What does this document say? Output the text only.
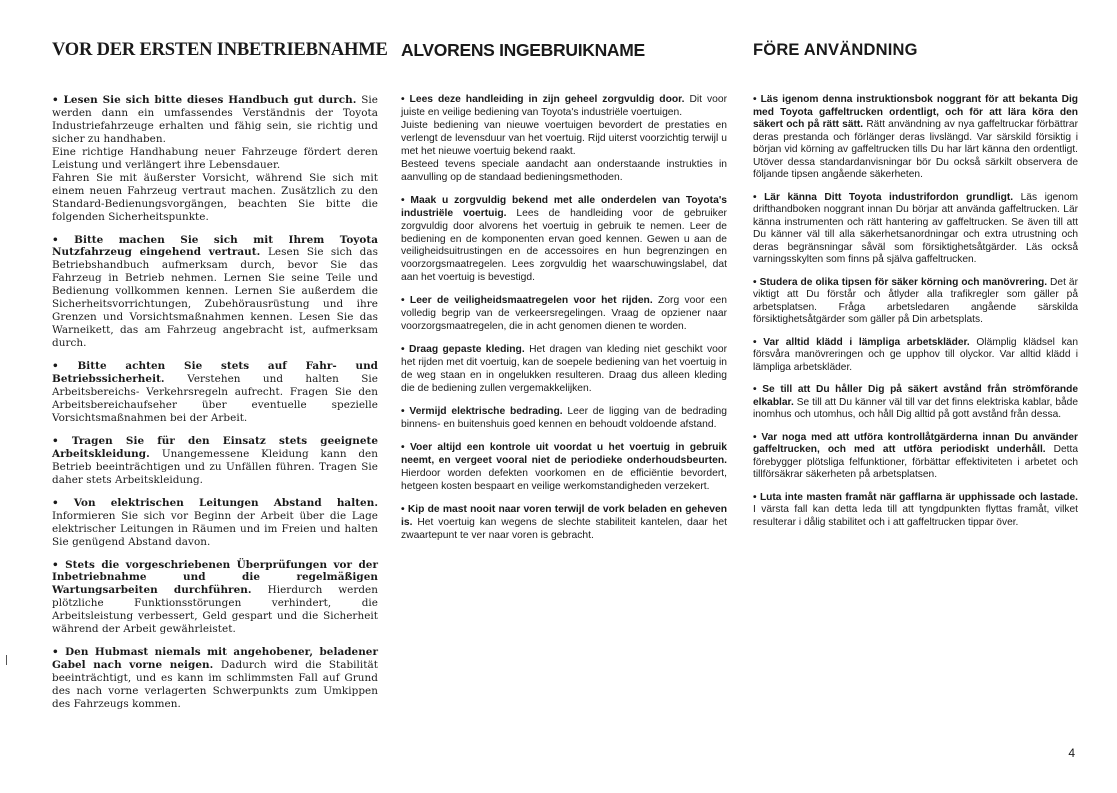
VOR DER ERSTEN INBETRIEBNAHME
• Lesen Sie sich bitte dieses Handbuch gut durch. Sie werden dann ein umfassendes Verständnis der Toyota Industriefahrzeuge erhalten und fähig sein, sie richtig und sicher zu handhaben.
Eine richtige Handhabung neuer Fahrzeuge fördert deren Leistung und verlängert ihre Lebensdauer.
Fahren Sie mit äußerster Vorsicht, während Sie sich mit einem neuen Fahrzeug vertraut machen. Zusätzlich zu den Standard-Bedienungsvorgängen, beachten Sie bitte die folgenden Sicherheitspunkte.
• Bitte machen Sie sich mit Ihrem Toyota Nutzfahrzeug eingehend vertraut. Lesen Sie sich das Betriebshandbuch aufmerksam durch, bevor Sie das Fahrzeug in Betrieb nehmen. Lernen Sie seine Teile und Bedienung vollkommen kennen. Lernen Sie außerdem die Sicherheitsvorrichtungen, Zubehörausrüstung und ihre Grenzen und Vorsichtsmaßnahmen kennen. Lesen Sie das Warneikett, das am Fahrzeug angebracht ist, aufmerksam durch.
• Bitte achten Sie stets auf Fahr- und Betriebssicherheit. Verstehen und halten Sie Arbeitsbereichs- Verkehrsregeln aufrecht. Fragen Sie den Arbeitsbereichaufseher über eventuelle spezielle Vorsichtsmaßnahmen bei der Arbeit.
• Tragen Sie für den Einsatz stets geeignete Arbeitskleidung. Unangemessene Kleidung kann den Betrieb beeinträchtigen und zu Unfällen führen. Tragen Sie daher stets Arbeitskleidung.
• Von elektrischen Leitungen Abstand halten. Informieren Sie sich vor Beginn der Arbeit über die Lage elektrischer Leitungen in Räumen und im Freien und halten Sie genügend Abstand davon.
• Stets die vorgeschriebenen Überprüfungen vor der Inbetriebnahme und die regelmäßigen Wartungsarbeiten durchführen. Hierdurch werden plötzliche Funktionsstörungen verhindert, die Arbeitsleistung verbessert, Geld gespart und die Sicherheit während der Arbeit gewährleistet.
• Den Hubmast niemals mit angehobener, beladener Gabel nach vorne neigen. Dadurch wird die Stabilität beeinträchtigt, und es kann im schlimmsten Fall auf Grund des nach vorne verlagerten Schwerpunkts zum Umkippen des Fahrzeugs kommen.
ALVORENS INGEBRUIKNAME
• Lees deze handleiding in zijn geheel zorgvuldig door. Dit voor juiste en veilige bediening van Toyota's industriële voertuigen.
Juiste bediening van nieuwe voertuigen bevordert de prestaties en verlengt de levensduur van het voertuig. Rijd uiterst voorzichtig terwijl u met het nieuwe voertuig bekend raakt.
Besteed tevens speciale aandacht aan onderstaande instrukties in aanvulling op de standaad bedieningsmethoden.
• Maak u zorgvuldig bekend met alle onderdelen van Toyota's industriële voertuig. Lees de handleiding voor de gebruiker zorgvuldig door alvorens het voertuig in gebruik te nemen. Leer de bediening en de komponenten ervan goed kennen. Gewen u aan de veiligheidsuitrustingen en de accessoires en hun begrenzingen en voorzorgsmaatregelen. Lees zorgvuldig het waarschuwingslabel, dat aan het voertuig is bevestigd.
• Leer de veiligheidsmaatregelen voor het rijden. Zorg voor een volledig begrip van de verkeersregelingen. Vraag de opziener naar voorzorgsmaatregelen, die in acht genomen dienen te worden.
• Draag gepaste kleding. Het dragen van kleding niet geschikt voor het rijden met dit voertuig, kan de soepele bediening van het voertuig in de weg staan en in ongelukken resulteren. Draag dus alleen kleding die de bediening zullen vergemakkelijken.
• Vermijd elektrische bedrading. Leer de ligging van de bedrading binnens- en buitenshuis goed kennen en behoudt voldoende afstand.
• Voer altijd een kontrole uit voordat u het voertuig in gebruik neemt, en vergeet vooral niet de periodieke onderhoudsbeurten. Hierdoor worden defekten voorkomen en de efficiëntie bevordert, hetgeen kosten bespaart en veilige werkomstandigheden verzekert.
• Kip de mast nooit naar voren terwijl de vork beladen en geheven is. Het voertuig kan wegens de slechte stabiliteit kantelen, daar het zwaartepunt te ver naar voren is gebracht.
FÖRE ANVÄNDNING
• Läs igenom denna instruktionsbok noggrant för att bekanta Dig med Toyota gaffeltrucken ordentligt, och för att lära köra den säkert och på rätt sätt. Rätt användning av nya gaffeltruckar förbättrar deras prestanda och förlänger deras livslängd. Var särskild försiktig i början vid körning av gaffeltrucken tills Du har lärt känna den ordentligt. Utöver dessa standardanvisningar bör Du också särkilt observera de följande tipsen angående säkerheten.
• Lär känna Ditt Toyota industrifordon grundligt. Läs igenom drifthandboken noggrant innan Du börjar att använda gaffeltrucken. Lär känna instrumenten och rätt hantering av gaffeltrucken. Se även till att Du känner väl till alla säkerhetsanordningar och extra utrustning och deras begränsningar såväl som försiktighetsåtgärder. Läs också varningsskylten som finns på själva gaffeltrucken.
• Studera de olika tipsen för säker körning och manövrering. Det är viktigt att Du förstår och åtlyder alla trafikregler som gäller på arbetsplatsen. Fråga arbetsledaren angående särskilda försiktighetsåtgärder som gäller på Din arbetsplats.
• Var alltid klädd i lämpliga arbetskläder. Olämplig klädsel kan försvåra manövreringen och ge upphov till olyckor. Var alltid klädd i lämpliga arbetskläder.
• Se till att Du håller Dig på säkert avstånd från strömförande elkablar. Se till att Du känner väl till var det finns elektriska kablar, både inomhus och utomhus, och håll Dig alltid på gott avstånd från dessa.
• Var noga med att utföra kontrollåtgärderna innan Du använder gaffeltrucken, och med att utföra periodiskt underhåll. Detta förebygger plötsliga felfunktioner, förbättar effektiviteten i arbetet och tillförsäkrar säkerheten på arbetsplatsen.
• Luta inte masten framåt när gafflarna är upphissade och lastade. I värsta fall kan detta leda till att tyngdpunkten flyttas framåt, vilket resulterar i dålig stabilitet och i att gaffeltrucken tippar över.
4
